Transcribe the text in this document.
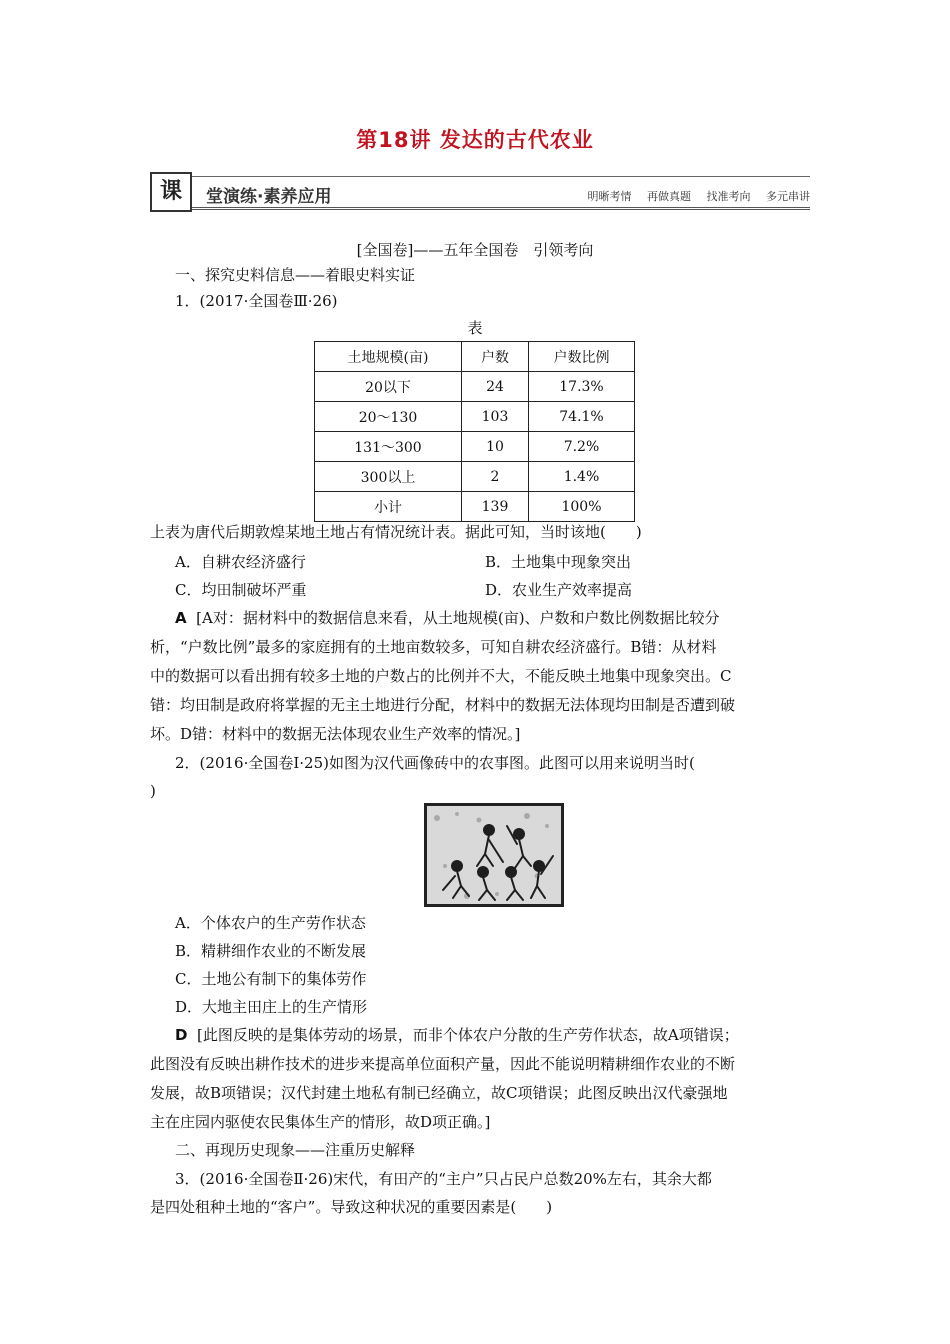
第18讲 发达的古代农业
课	堂演练·素养应用	明晰考情 再做真题 找准考向 多元串讲
[全国卷]——五年全国卷　引领考向
一、探究史料信息——着眼史料实证
1．(2017·全国卷Ⅲ·26)
表
土地规模(亩)	户数	户数比例
20以下	24	17.3%
20～130	103	74.1%
131～300	10	7.2%
300以上	2	1.4%
小计	139	100%
上表为唐代后期敦煌某地土地占有情况统计表。据此可知，当时该地(　　)
A．自耕农经济盛行	B．土地集中现象突出
C．均田制破坏严重	D．农业生产效率提高
A [A对：据材料中的数据信息来看，从土地规模(亩)、户数和户数比例数据比较分
析，“户数比例”最多的家庭拥有的土地亩数较多，可知自耕农经济盛行。B错：从材料
中的数据可以看出拥有较多土地的户数占的比例并不大，不能反映土地集中现象突出。C
错：均田制是政府将掌握的无主土地进行分配，材料中的数据无法体现均田制是否遭到破
坏。D错：材料中的数据无法体现农业生产效率的情况。]
2．(2016·全国卷Ⅰ·25)如图为汉代画像砖中的农事图。此图可以用来说明当时(
)
A．个体农户的生产劳作状态
B．精耕细作农业的不断发展
C．土地公有制下的集体劳作
D．大地主田庄上的生产情形
D [此图反映的是集体劳动的场景，而非个体农户分散的生产劳作状态，故A项错误；
此图没有反映出耕作技术的进步来提高单位面积产量，因此不能说明精耕细作农业的不断
发展，故B项错误；汉代封建土地私有制已经确立，故C项错误；此图反映出汉代豪强地
主在庄园内驱使农民集体生产的情形，故D项正确。]
二、再现历史现象——注重历史解释
3．(2016·全国卷Ⅱ·26)宋代，有田产的“主户”只占民户总数20%左右，其余大都
是四处租种土地的“客户”。导致这种状况的重要因素是(　　)
